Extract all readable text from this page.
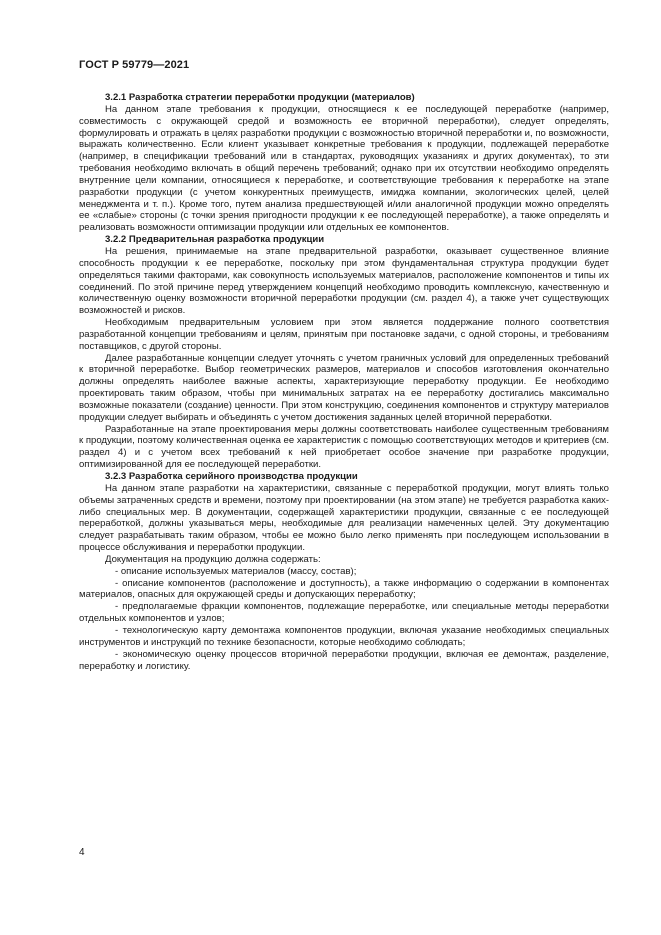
ГОСТ Р 59779—2021
3.2.1 Разработка стратегии переработки продукции (материалов)

На данном этапе требования к продукции, относящиеся к ее последующей переработке (например, совместимость с окружающей средой и возможность ее вторичной переработки), следует определять, формулировать и отражать в целях разработки продукции с возможностью вторичной переработки и, по возможности, выражать количественно. Если клиент указывает конкретные требования к продукции, подлежащей переработке (например, в спецификации требований или в стандартах, руководящих указаниях и других документах), то эти требования необходимо включать в общий перечень требований; однако при их отсутствии необходимо определять внутренние цели компании, относящиеся к переработке, и соответствующие требования к переработке на этапе разработки продукции (с учетом конкурентных преимуществ, имиджа компании, экологических целей, целей менеджмента и т. п.). Кроме того, путем анализа предшествующей и/или аналогичной продукции можно определять ее «слабые» стороны (с точки зрения пригодности продукции к ее последующей переработке), а также определять и реализовать возможности оптимизации продукции или отдельных ее компонентов.

3.2.2 Предварительная разработка продукции

На решения, принимаемые на этапе предварительной разработки, оказывает существенное влияние способность продукции к ее переработке, поскольку при этом фундаментальная структура продукции будет определяться такими факторами, как совокупность используемых материалов, расположение компонентов и типы их соединений. По этой причине перед утверждением концепций необходимо проводить комплексную, качественную и количественную оценку возможности вторичной переработки продукции (см. раздел 4), а также учет существующих возможностей и рисков.

Необходимым предварительным условием при этом является поддержание полного соответствия разработанной концепции требованиям и целям, принятым при постановке задачи, с одной стороны, и требованиям поставщиков, с другой стороны.

Далее разработанные концепции следует уточнять с учетом граничных условий для определенных требований к вторичной переработке. Выбор геометрических размеров, материалов и способов изготовления окончательно должны определять наиболее важные аспекты, характеризующие переработку продукции. Ее необходимо проектировать таким образом, чтобы при минимальных затратах на ее переработку достигались максимально возможные показатели (создание) ценности. При этом конструкцию, соединения компонентов и структуру материалов продукции следует выбирать и объединять с учетом достижения заданных целей вторичной переработки.

Разработанные на этапе проектирования меры должны соответствовать наиболее существенным требованиям к продукции, поэтому количественная оценка ее характеристик с помощью соответствующих методов и критериев (см. раздел 4) и с учетом всех требований к ней приобретает особое значение при разработке продукции, оптимизированной для ее последующей переработки.

3.2.3 Разработка серийного производства продукции

На данном этапе разработки на характеристики, связанные с переработкой продукции, могут влиять только объемы затраченных средств и времени, поэтому при проектировании (на этом этапе) не требуется разработка каких-либо специальных мер. В документации, содержащей характеристики продукции, связанные с ее последующей переработкой, должны указываться меры, необходимые для реализации намеченных целей. Эту документацию следует разрабатывать таким образом, чтобы ее можно было легко применять при последующем использовании в процессе обслуживания и переработки продукции.

Документация на продукцию должна содержать:

- описание используемых материалов (массу, состав);

- описание компонентов (расположение и доступность), а также информацию о содержании в компонентах материалов, опасных для окружающей среды и допускающих переработку;

- предполагаемые фракции компонентов, подлежащие переработке, или специальные методы переработки отдельных компонентов и узлов;

- технологическую карту демонтажа компонентов продукции, включая указание необходимых специальных инструментов и инструкций по технике безопасности, которые необходимо соблюдать;

- экономическую оценку процессов вторичной переработки продукции, включая ее демонтаж, разделение, переработку и логистику.

4
